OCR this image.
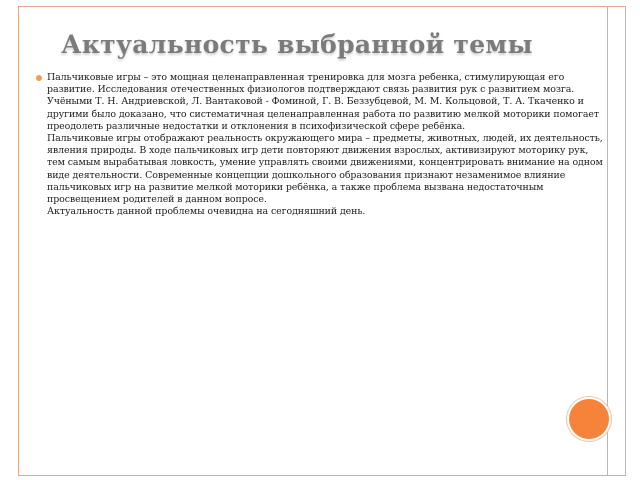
Актуальность выбранной темы

Пальчиковые игры – это мощная целенаправленная тренировка для мозга ребенка, стимулирующая его развитие. Исследования отечественных физиологов подтверждают связь развития рук с развитием мозга. Учёными Т. Н. Андриевской, Л. Вантаковой - Фоминой, Г. В. Беззубцевой, М. М. Кольцовой, Т. А. Ткаченко и другими было доказано, что систематичная целенаправленная работа по развитию мелкой моторики помогает преодолеть различные недостатки и отклонения в психофизической сфере ребёнка.
Пальчиковые игры отображают реальность окружающего мира – предметы, животных, людей, их деятельность, явления природы. В ходе пальчиковых игр дети повторяют движения взрослых, активизируют моторику рук, тем самым вырабатывая ловкость, умение управлять своими движениями, концентрировать внимание на одном виде деятельности. Современные концепции дошкольного образования признают незаменимое влияние пальчиковых игр на развитие мелкой моторики ребёнка, а также проблема вызвана недостаточным просвещением родителей в данном вопросе.
Актуальность данной проблемы очевидна на сегодняшний день.
